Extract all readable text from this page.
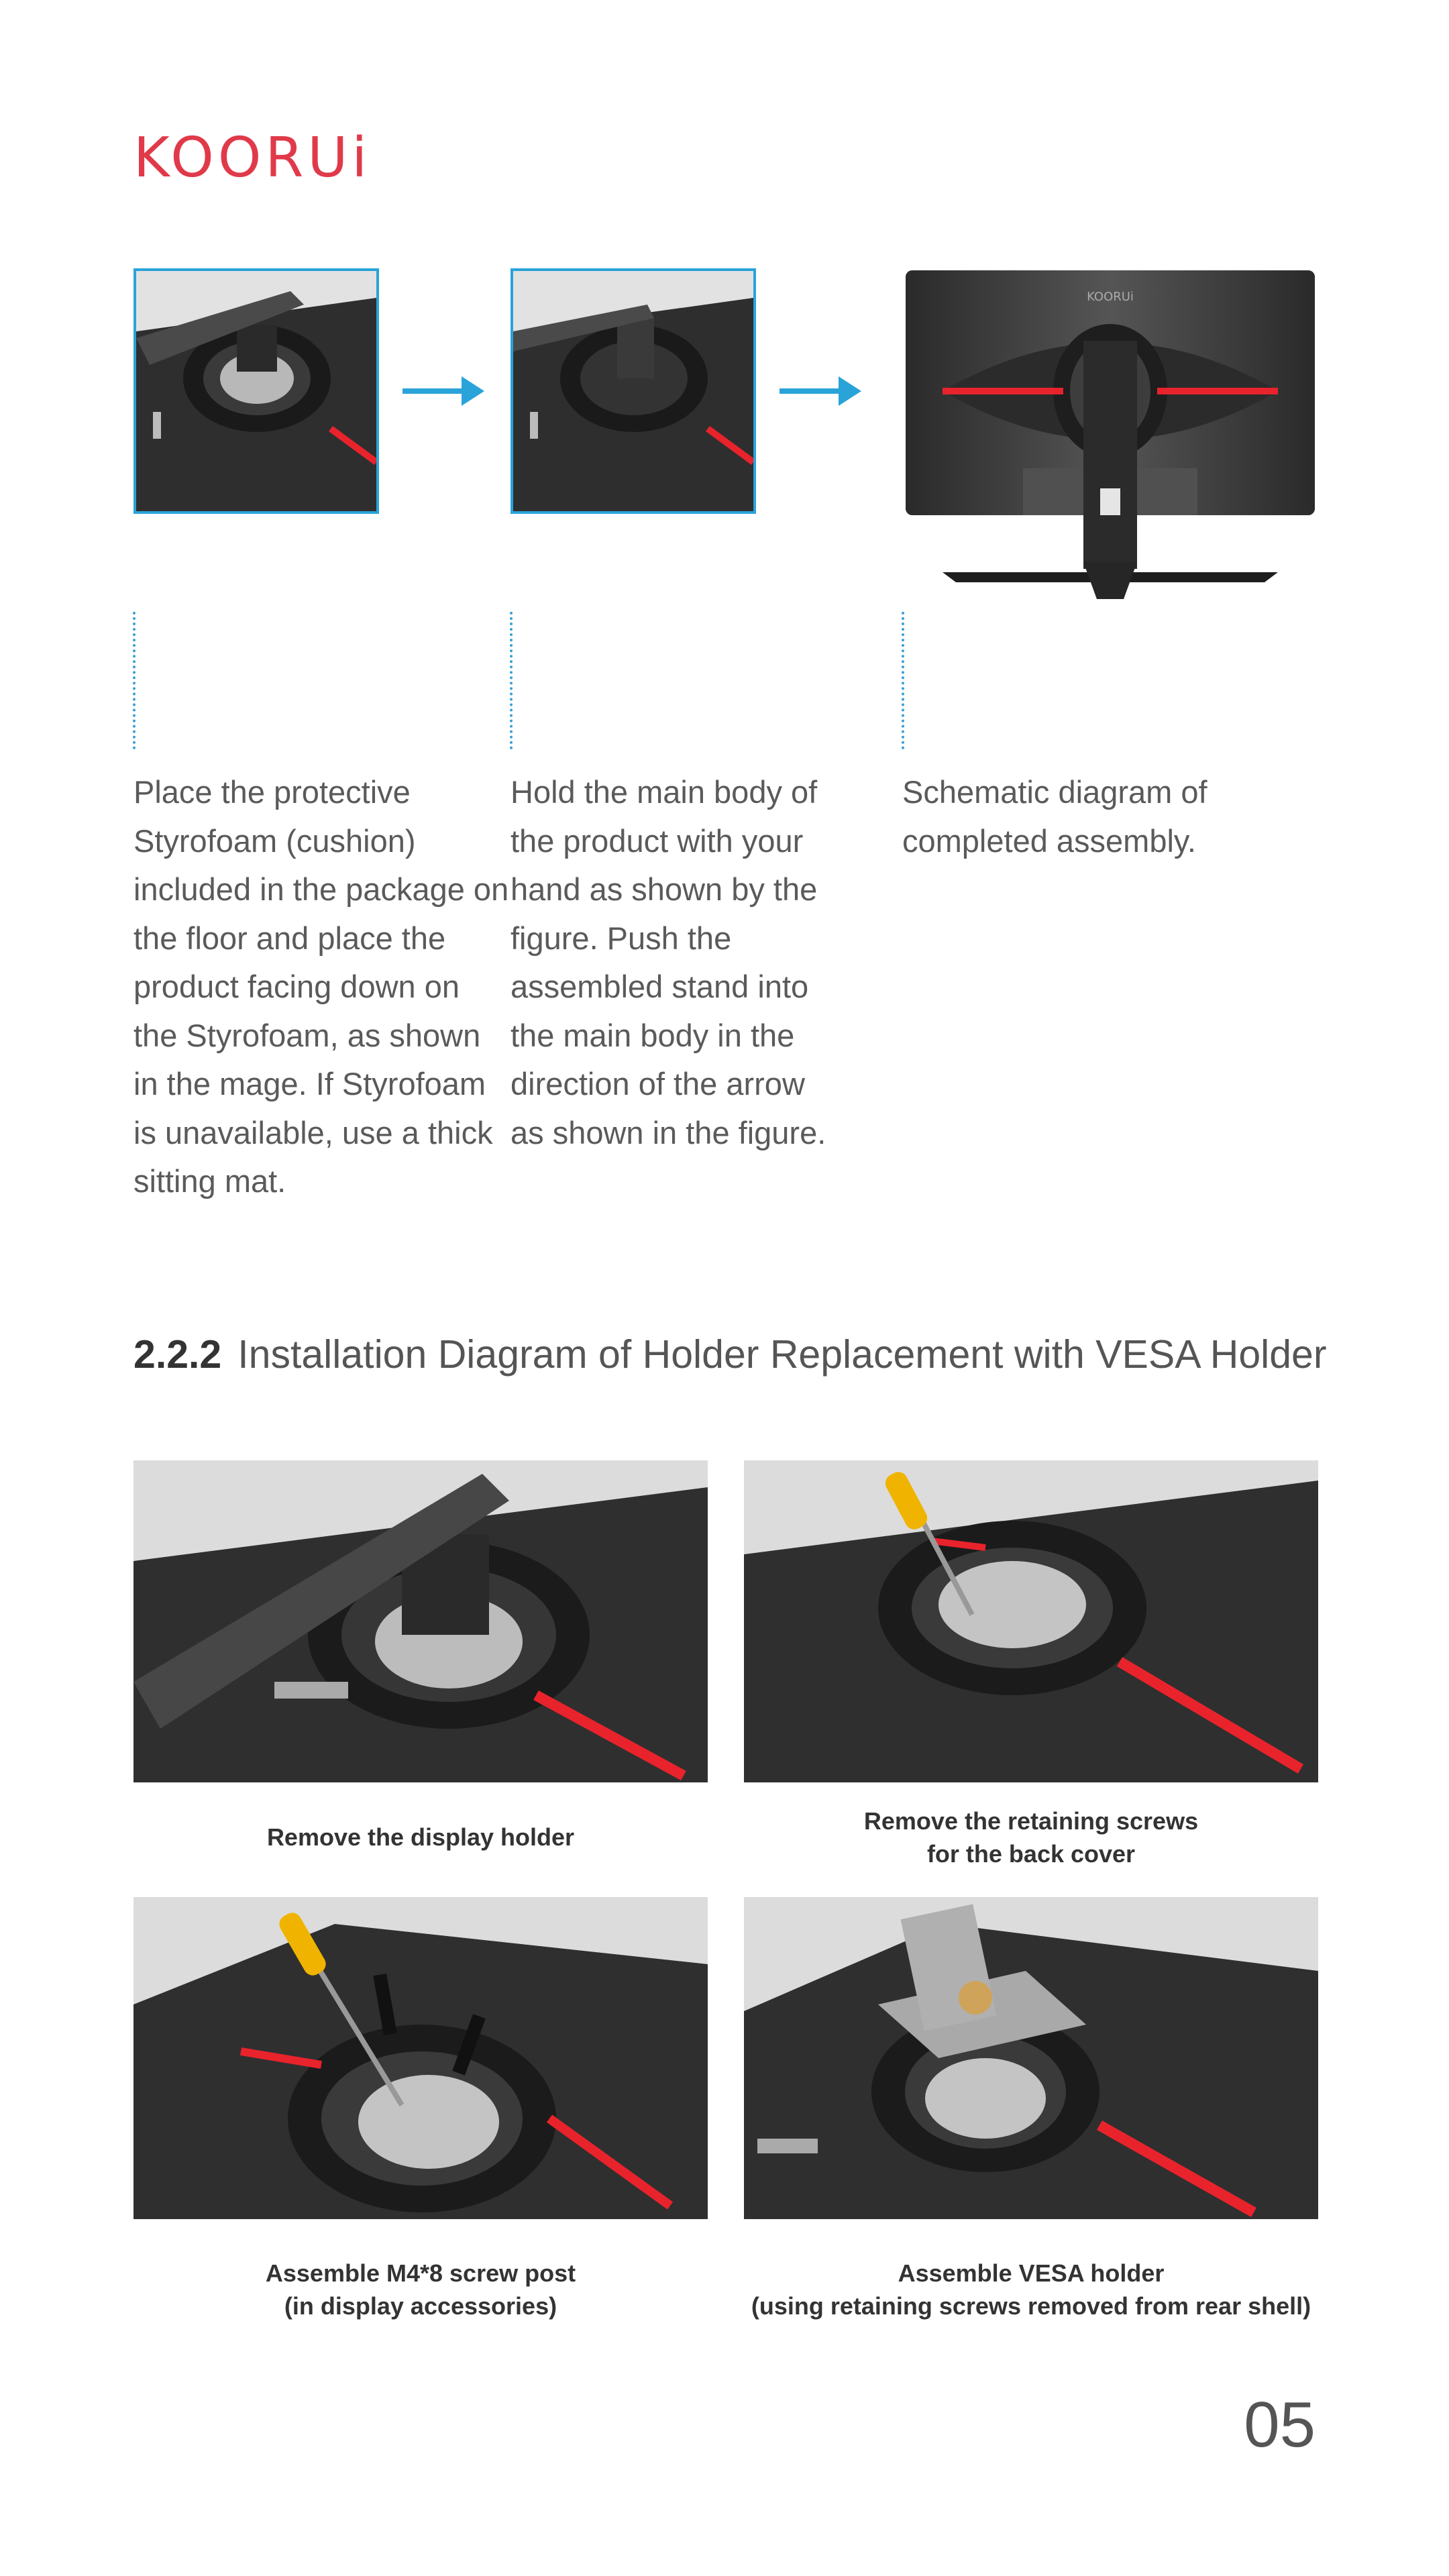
KOORUi
KOORUi
Place the protective Styrofoam (cushion) included in the package on the floor and place the product facing down on the Styrofoam, as shown in the mage. If Styrofoam is unavailable, use a thick sitting mat.
Hold the main body of the product with your hand as shown by the figure. Push the assembled stand into the main body in the direction of the arrow as shown in the figure.
Schematic diagram of completed assembly.
2.2.2 Installation Diagram of Holder Replacement with VESA Holder
Remove the display holder
Remove the retaining screws
for the back cover
Assemble M4*8 screw post
(in display accessories)
Assemble VESA holder
(using retaining screws removed from rear shell)
05
